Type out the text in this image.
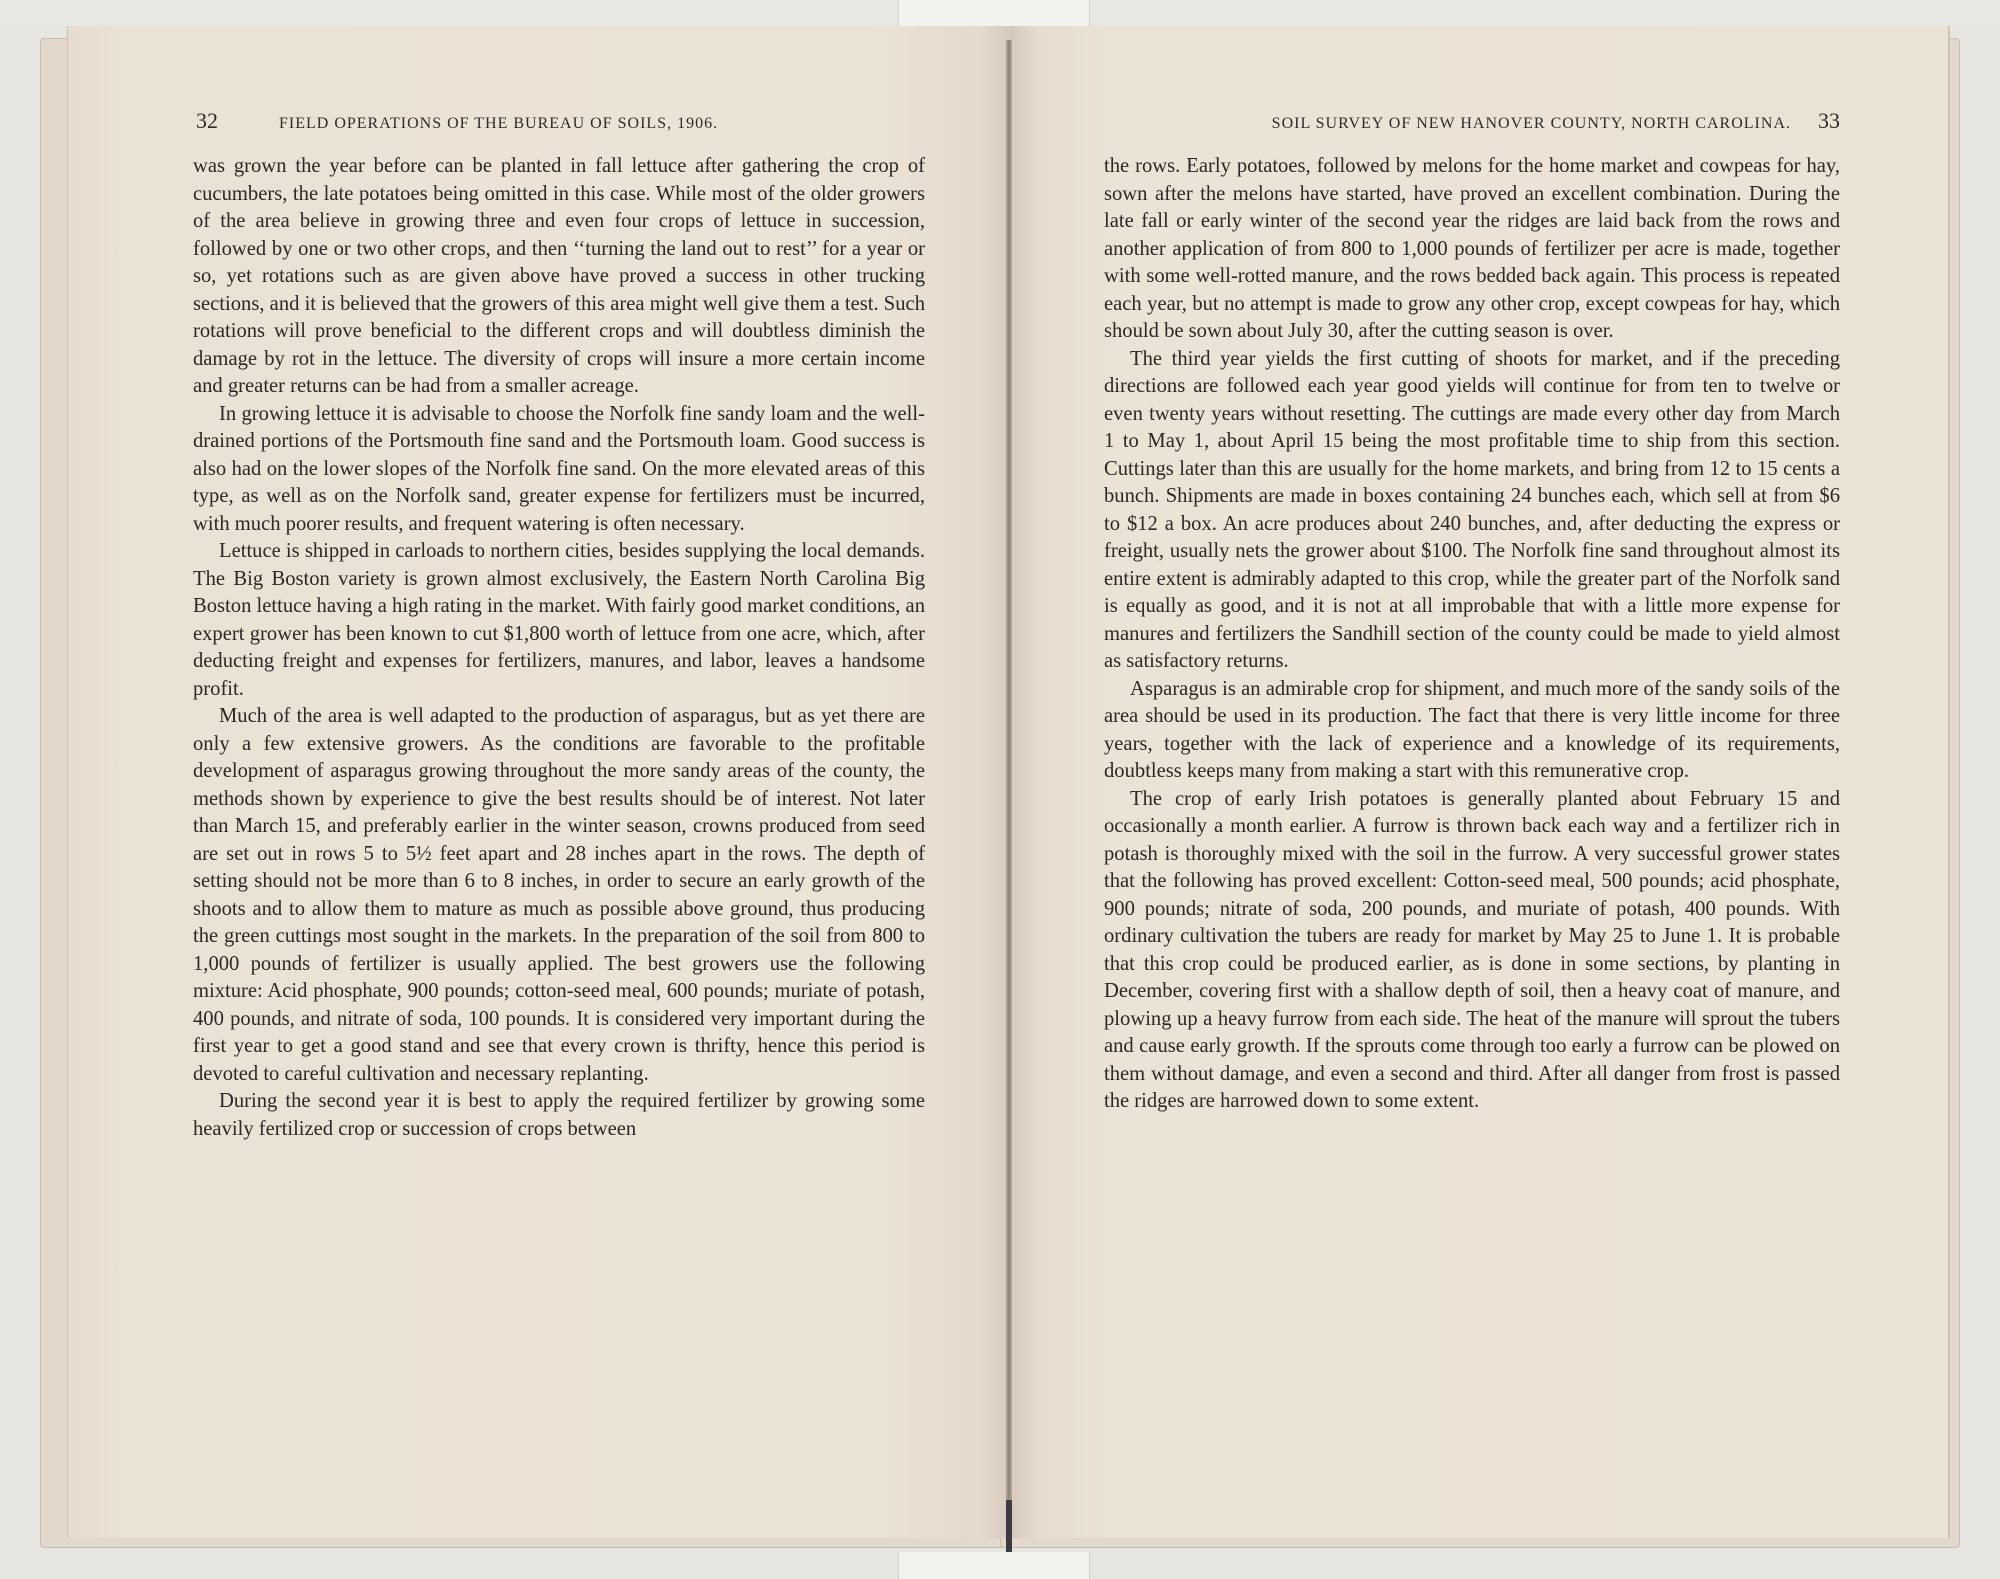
32	FIELD OPERATIONS OF THE BUREAU OF SOILS, 1906.	SOIL SURVEY OF NEW HANOVER COUNTY, NORTH CAROLINA. 33

was grown the year before can be planted in fall lettuce after gathering the crop of cucumbers, the late potatoes being omitted in this case. While most of the older growers of the area believe in growing three and even four crops of lettuce in succession, followed by one or two other crops, and then ‘‘turning the land out to rest’’ for a year or so, yet rotations such as are given above have proved a success in other trucking sections, and it is believed that the growers of this area might well give them a test. Such rotations will prove beneficial to the different crops and will doubtless diminish the damage by rot in the lettuce. The diversity of crops will insure a more certain income and greater returns can be had from a smaller acreage.

In growing lettuce it is advisable to choose the Norfolk fine sandy loam and the well-drained portions of the Portsmouth fine sand and the Portsmouth loam. Good success is also had on the lower slopes of the Norfolk fine sand. On the more elevated areas of this type, as well as on the Norfolk sand, greater expense for fertilizers must be incurred, with much poorer results, and frequent watering is often necessary.

Lettuce is shipped in carloads to northern cities, besides supplying the local demands. The Big Boston variety is grown almost exclusively, the Eastern North Carolina Big Boston lettuce having a high rating in the market. With fairly good market conditions, an expert grower has been known to cut $1,800 worth of lettuce from one acre, which, after deducting freight and expenses for fertilizers, manures, and labor, leaves a handsome profit.

Much of the area is well adapted to the production of asparagus, but as yet there are only a few extensive growers. As the conditions are favorable to the profitable development of asparagus growing throughout the more sandy areas of the county, the methods shown by experience to give the best results should be of interest. Not later than March 15, and preferably earlier in the winter season, crowns produced from seed are set out in rows 5 to 5½ feet apart and 28 inches apart in the rows. The depth of setting should not be more than 6 to 8 inches, in order to secure an early growth of the shoots and to allow them to mature as much as possible above ground, thus producing the green cuttings most sought in the markets. In the preparation of the soil from 800 to 1,000 pounds of fertilizer is usually applied. The best growers use the following mixture: Acid phosphate, 900 pounds; cotton-seed meal, 600 pounds; muriate of potash, 400 pounds, and nitrate of soda, 100 pounds. It is considered very important during the first year to get a good stand and see that every crown is thrifty, hence this period is devoted to careful cultivation and necessary replanting.

During the second year it is best to apply the required fertilizer by growing some heavily fertilized crop or succession of crops between

the rows. Early potatoes, followed by melons for the home market and cowpeas for hay, sown after the melons have started, have proved an excellent combination. During the late fall or early winter of the second year the ridges are laid back from the rows and another application of from 800 to 1,000 pounds of fertilizer per acre is made, together with some well-rotted manure, and the rows bedded back again. This process is repeated each year, but no attempt is made to grow any other crop, except cowpeas for hay, which should be sown about July 30, after the cutting season is over.

The third year yields the first cutting of shoots for market, and if the preceding directions are followed each year good yields will continue for from ten to twelve or even twenty years without resetting. The cuttings are made every other day from March 1 to May 1, about April 15 being the most profitable time to ship from this section. Cuttings later than this are usually for the home markets, and bring from 12 to 15 cents a bunch. Shipments are made in boxes containing 24 bunches each, which sell at from $6 to $12 a box. An acre produces about 240 bunches, and, after deducting the express or freight, usually nets the grower about $100. The Norfolk fine sand throughout almost its entire extent is admirably adapted to this crop, while the greater part of the Norfolk sand is equally as good, and it is not at all improbable that with a little more expense for manures and fertilizers the Sandhill section of the county could be made to yield almost as satisfactory returns.

Asparagus is an admirable crop for shipment, and much more of the sandy soils of the area should be used in its production. The fact that there is very little income for three years, together with the lack of experience and a knowledge of its requirements, doubtless keeps many from making a start with this remunerative crop.

The crop of early Irish potatoes is generally planted about February 15 and occasionally a month earlier. A furrow is thrown back each way and a fertilizer rich in potash is thoroughly mixed with the soil in the furrow. A very successful grower states that the following has proved excellent: Cotton-seed meal, 500 pounds; acid phosphate, 900 pounds; nitrate of soda, 200 pounds, and muriate of potash, 400 pounds. With ordinary cultivation the tubers are ready for market by May 25 to June 1. It is probable that this crop could be produced earlier, as is done in some sections, by planting in December, covering first with a shallow depth of soil, then a heavy coat of manure, and plowing up a heavy furrow from each side. The heat of the manure will sprout the tubers and cause early growth. If the sprouts come through too early a furrow can be plowed on them without damage, and even a second and third. After all danger from frost is passed the ridges are harrowed down to some extent.
